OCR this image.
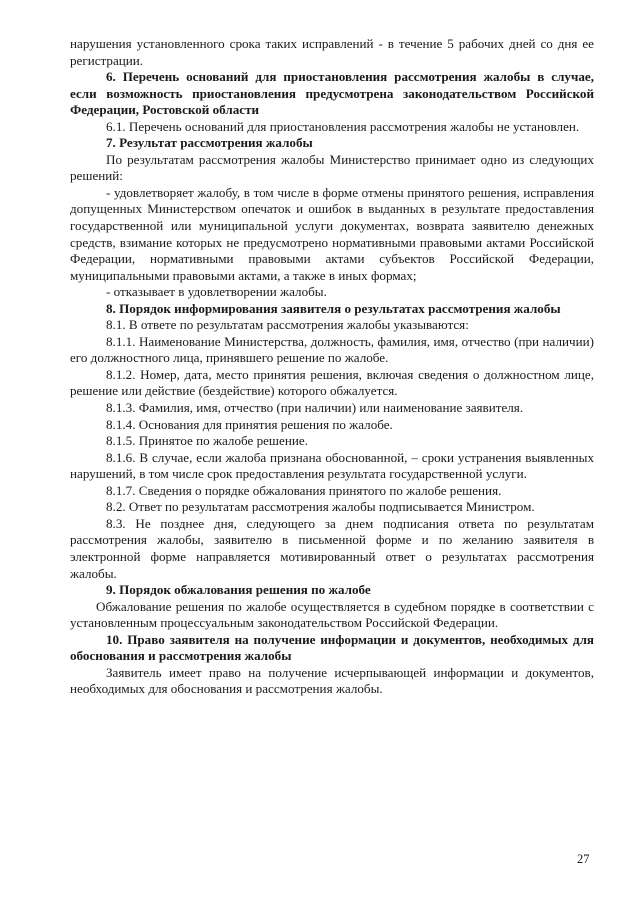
нарушения установленного срока таких исправлений - в течение 5 рабочих дней со дня ее регистрации.

6. Перечень оснований для приостановления рассмотрения жалобы в случае, если возможность приостановления предусмотрена законодательством Российской Федерации, Ростовской области

6.1. Перечень оснований для приостановления рассмотрения жалобы не установлен.

7. Результат рассмотрения жалобы

По результатам рассмотрения жалобы Министерство принимает одно из следующих решений:

- удовлетворяет жалобу, в том числе в форме отмены принятого решения, исправления допущенных Министерством опечаток и ошибок в выданных в результате предоставления государственной или муниципальной услуги документах, возврата заявителю денежных средств, взимание которых не предусмотрено нормативными правовыми актами Российской Федерации, нормативными правовыми актами субъектов Российской Федерации, муниципальными правовыми актами, а также в иных формах;

- отказывает в удовлетворении жалобы.

8. Порядок информирования заявителя о результатах рассмотрения жалобы

8.1. В ответе по результатам рассмотрения жалобы указываются:

8.1.1. Наименование Министерства, должность, фамилия, имя, отчество (при наличии) его должностного лица, принявшего решение по жалобе.

8.1.2. Номер, дата, место принятия решения, включая сведения о должностном лице, решение или действие (бездействие) которого обжалуется.

8.1.3. Фамилия, имя, отчество (при наличии) или наименование заявителя.

8.1.4. Основания для принятия решения по жалобе.

8.1.5. Принятое по жалобе решение.

8.1.6. В случае, если жалоба признана обоснованной, – сроки устранения выявленных нарушений, в том числе срок предоставления результата государственной услуги.

8.1.7. Сведения о порядке обжалования принятого по жалобе решения.

8.2. Ответ по результатам рассмотрения жалобы подписывается Министром.

8.3. Не позднее дня, следующего за днем подписания ответа по результатам рассмотрения жалобы, заявителю в письменной форме и по желанию заявителя в электронной форме направляется мотивированный ответ о результатах рассмотрения жалобы.

9. Порядок обжалования решения по жалобе

Обжалование решения по жалобе осуществляется в судебном порядке в соответствии с установленным процессуальным законодательством Российской Федерации.

10. Право заявителя на получение информации и документов, необходимых для обоснования и рассмотрения жалобы

Заявитель имеет право на получение исчерпывающей информации и документов, необходимых для обоснования и рассмотрения жалобы.

27
